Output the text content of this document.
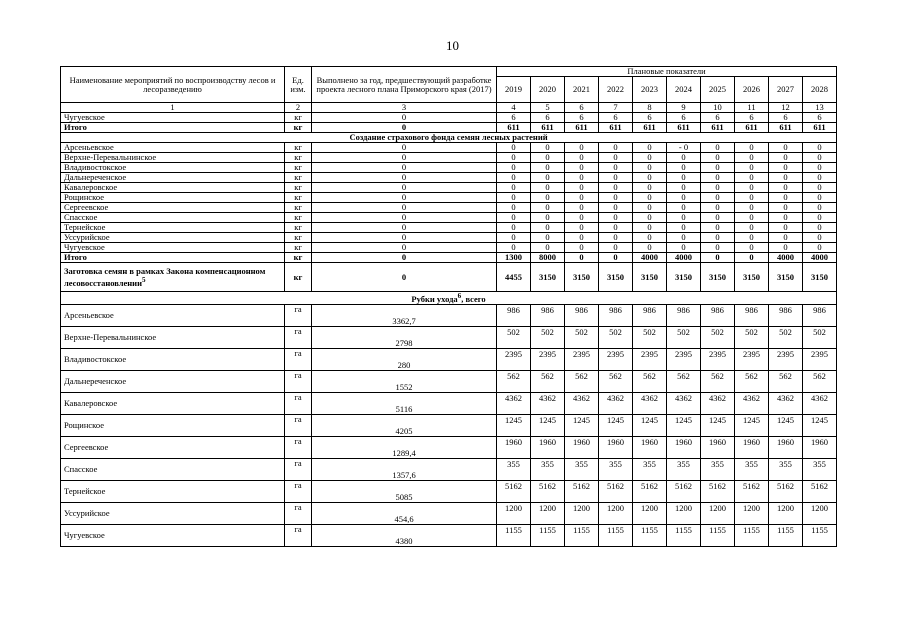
10
Наименование мероприятий по воспроизводству лесов и лесоразведению	Ед. изм.	Выполнено за год, предшествующий разработке проекта лесного плана Приморского края (2017)	Плановые показатели									
			2019	2020	2021	2022	2023	2024	2025	2026	2027	2028
1	2	3	4	5	6	7	8	9	10	11	12	13
Чугуевское	кг	0	6	6	6	6	6	6	6	6	6	6
Итого	кг	0	611	611	611	611	611	611	611	611	611	611
Создание страхового фонда семян лесных растений												
Арсеньевское	кг	0	0	0	0	0	0	- 0	0	0	0	0
Верхне-Перевальнинское	кг	0	0	0	0	0	0	0	0	0	0	0
Владивостокское	кг	0	0	0	0	0	0	0	0	0	0	0
Дальнереченское	кг	0	0	0	0	0	0	0	0	0	0	0
Кавалеровское	кг	0	0	0	0	0	0	0	0	0	0	0
Рощинское	кг	0	0	0	0	0	0	0	0	0	0	0
Сергеевское	кг	0	0	0	0	0	0	0	0	0	0	0
Спасское	кг	0	0	0	0	0	0	0	0	0	0	0
Тернейское	кг	0	0	0	0	0	0	0	0	0	0	0
Уссурийское	кг	0	0	0	0	0	0	0	0	0	0	0
Чугуевское	кг	0	0	0	0	0	0	0	0	0	0	0
Итого	кг	0	1300	8000	0	0	4000	4000	0	0	4000	4000
Заготовка семян в рамках Закона компенсационном лесовосстановлении$^5$	кг	0	4455	3150	3150	3150	3150	3150	3150	3150	3150	3150
Рубки ухода$^6$, всего												
Арсеньевское	га	3362,7	986	986	986	986	986	986	986	986	986	986
Верхне-Перевальнинское	га	2798	502	502	502	502	502	502	502	502	502	502
Владивостокское	га	280	2395	2395	2395	2395	2395	2395	2395	2395	2395	2395
Дальнереченское	га	1552	562	562	562	562	562	562	562	562	562	562
Кавалеровское	га	5116	4362	4362	4362	4362	4362	4362	4362	4362	4362	4362
Рощинское	га	4205	1245	1245	1245	1245	1245	1245	1245	1245	1245	1245
Сергеевское	га	1289,4	1960	1960	1960	1960	1960	1960	1960	1960	1960	1960
Спасское	га	1357,6	355	355	355	355	355	355	355	355	355	355
Тернейское	га	5085	5162	5162	5162	5162	5162	5162	5162	5162	5162	5162
Уссурийское	га	454,6	1200	1200	1200	1200	1200	1200	1200	1200	1200	1200
Чугуевское	га	4380	1155	1155	1155	1155	1155	1155	1155	1155	1155	1155
